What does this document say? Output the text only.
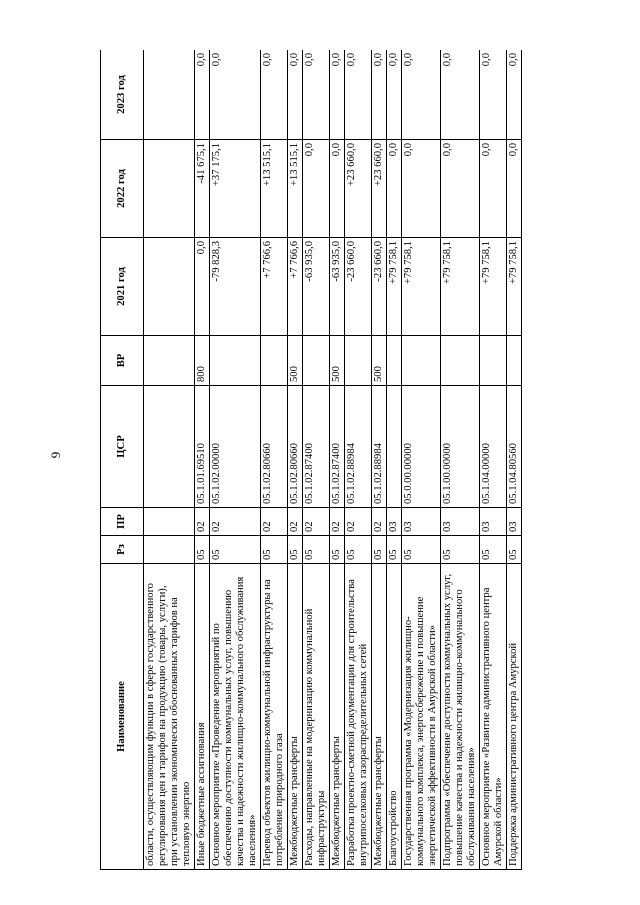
9
Наименование	Рз	ПР	ЦСР	ВР	2021 год	2022 год	2023 год
области, осуществляющим функции в сфере государственного регулирования цен и тарифов на продукцию (товары, услуги), при установлении экономически обоснованных тарифов на тепловую энергию							
Иные бюджетные ассигнования	05	02	05.1.01.69510	800	0,0	-41 675,1	0,0
Основное мероприятие «Проведение мероприятий по обеспечению доступности коммунальных услуг, повышению качества и надежности жилищно-коммунального обслуживания населения»	05	02	05.1.02.00000		-79 828,3	+37 175,1	0,0
Перевод объектов жилищно-коммунальной инфраструктуры на потребление природного газа	05	02	05.1.02.80660		+7 766,6	+13 515,1	0,0
Межбюджетные трансферты	05	02	05.1.02.80660	500	+7 766,6	+13 515,1	0,0
Расходы, направленные на модернизацию коммунальной инфраструктуры	05	02	05.1.02.87400		-63 935,0	0,0	0,0
Межбюджетные трансферты	05	02	05.1.02.87400	500	-63 935,0	0,0	0,0
Разработка проектно-сметной документации для строительства внутрипоселковых газораспределительных сетей	05	02	05.1.02.88984		-23 660,0	+23 660,0	0,0
Межбюджетные трансферты	05	02	05.1.02.88984	500	-23 660,0	+23 660,0	0,0
Благоустройство	05	03			+79 758,1	0,0	0,0
Государственная программа «Модернизация жилищно-коммунального комплекса, энергосбережение и повышение энергетической эффективности в Амурской области»	05	03	05.0.00.00000		+79 758,1	0,0	0,0
Подпрограмма «Обеспечение доступности коммунальных услуг, повышение качества и надежности жилищно-коммунального обслуживания населения»	05	03	05.1.00.00000		+79 758,1	0,0	0,0
Основное мероприятие «Развитие административного центра Амурской области»	05	03	05.1.04.00000		+79 758,1	0,0	0,0
Поддержка административного центра Амурской	05	03	05.1.04.80560		+79 758,1	0,0	0,0
